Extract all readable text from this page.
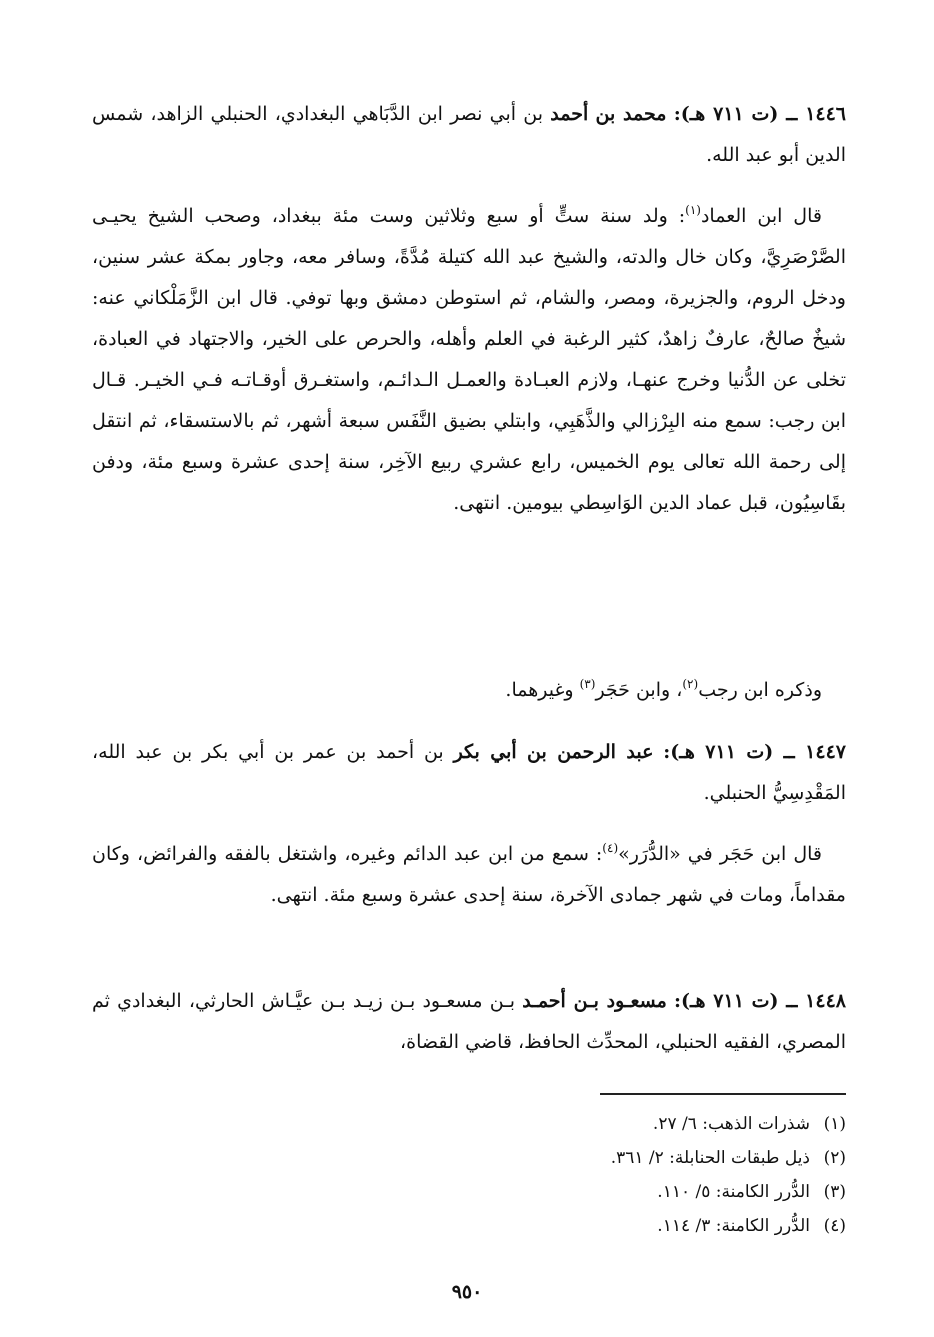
١٤٤٦ ــ (ت ٧١١ هـ): محمد بن أحمد بن أبي نصر ابن الدَّبَاهي البغدادي، الحنبلي الزاهد، شمس الدين أبو عبد الله.

قال ابن العماد$^{(١)}$: ولد سنة ستٍّ أو سبع وثلاثين وست مئة ببغداد، وصحب الشيخ يحيـى الصَّرْصَرِيَّ، وكان خال والدته، والشيخ عبد الله كتيلة مُدَّةً، وسافر معه، وجاور بمكة عشر سنين، ودخل الروم، والجزيرة، ومصر، والشام، ثم استوطن دمشق وبها توفي. قال ابن الزَّمَلْكاني عنه: شيخٌ صالحٌ، عارفٌ زاهدٌ، كثير الرغبة في العلم وأهله، والحرص على الخير، والاجتهاد في العبادة، تخلى عن الدُّنيا وخرج عنهـا، ولازم العبـادة والعمـل الـدائـم، واستغـرق أوقـاتـه فـي الخيـر. قـال ابن رجب: سمع منه البِرْزالي والذَّهَبِي، وابتلي بضيق النَّفَس سبعة أشهر، ثم بالاستسقاء، ثم انتقل إلى رحمة الله تعالى يوم الخميس، رابع عشري ربيع الآخِر، سنة إحدى عشرة وسبع مئة، ودفن بقَاسِيُون، قبل عماد الدين الوَاسِطي بيومين. انتهى.

وذكره ابن رجب$^{(٢)}$، وابن حَجَر$^{(٣)}$ وغيرهما.

١٤٤٧ ــ (ت ٧١١ هـ): عبد الرحمن بن أبي بكر بن أحمد بن عمر بن أبي بكر بن عبد الله، المَقْدِسِيُّ الحنبلي.

قال ابن حَجَر في «الدُّرَر»$^{(٤)}$: سمع من ابن عبد الدائم وغيره، واشتغل بالفقه والفرائض، وكان مقداماً، ومات في شهر جمادى الآخرة، سنة إحدى عشرة وسبع مئة. انتهى.

١٤٤٨ ــ (ت ٧١١ هـ): مسعـود بـن أحمـد بـن مسعـود بـن زيـد بـن عيَّـاش الحارثي، البغدادي ثم المصري، الفقيه الحنبلي، المحدِّث الحافظ، قاضي القضاة،

(١)شذرات الذهب: ٦/ ٢٧.
(٢)ذيل طبقات الحنابلة: ٢/ ٣٦١.
(٣)الدُّرر الكامنة: ٥/ ١١٠.
(٤)الدُّرر الكامنة: ٣/ ١١٤.
٩٥٠
